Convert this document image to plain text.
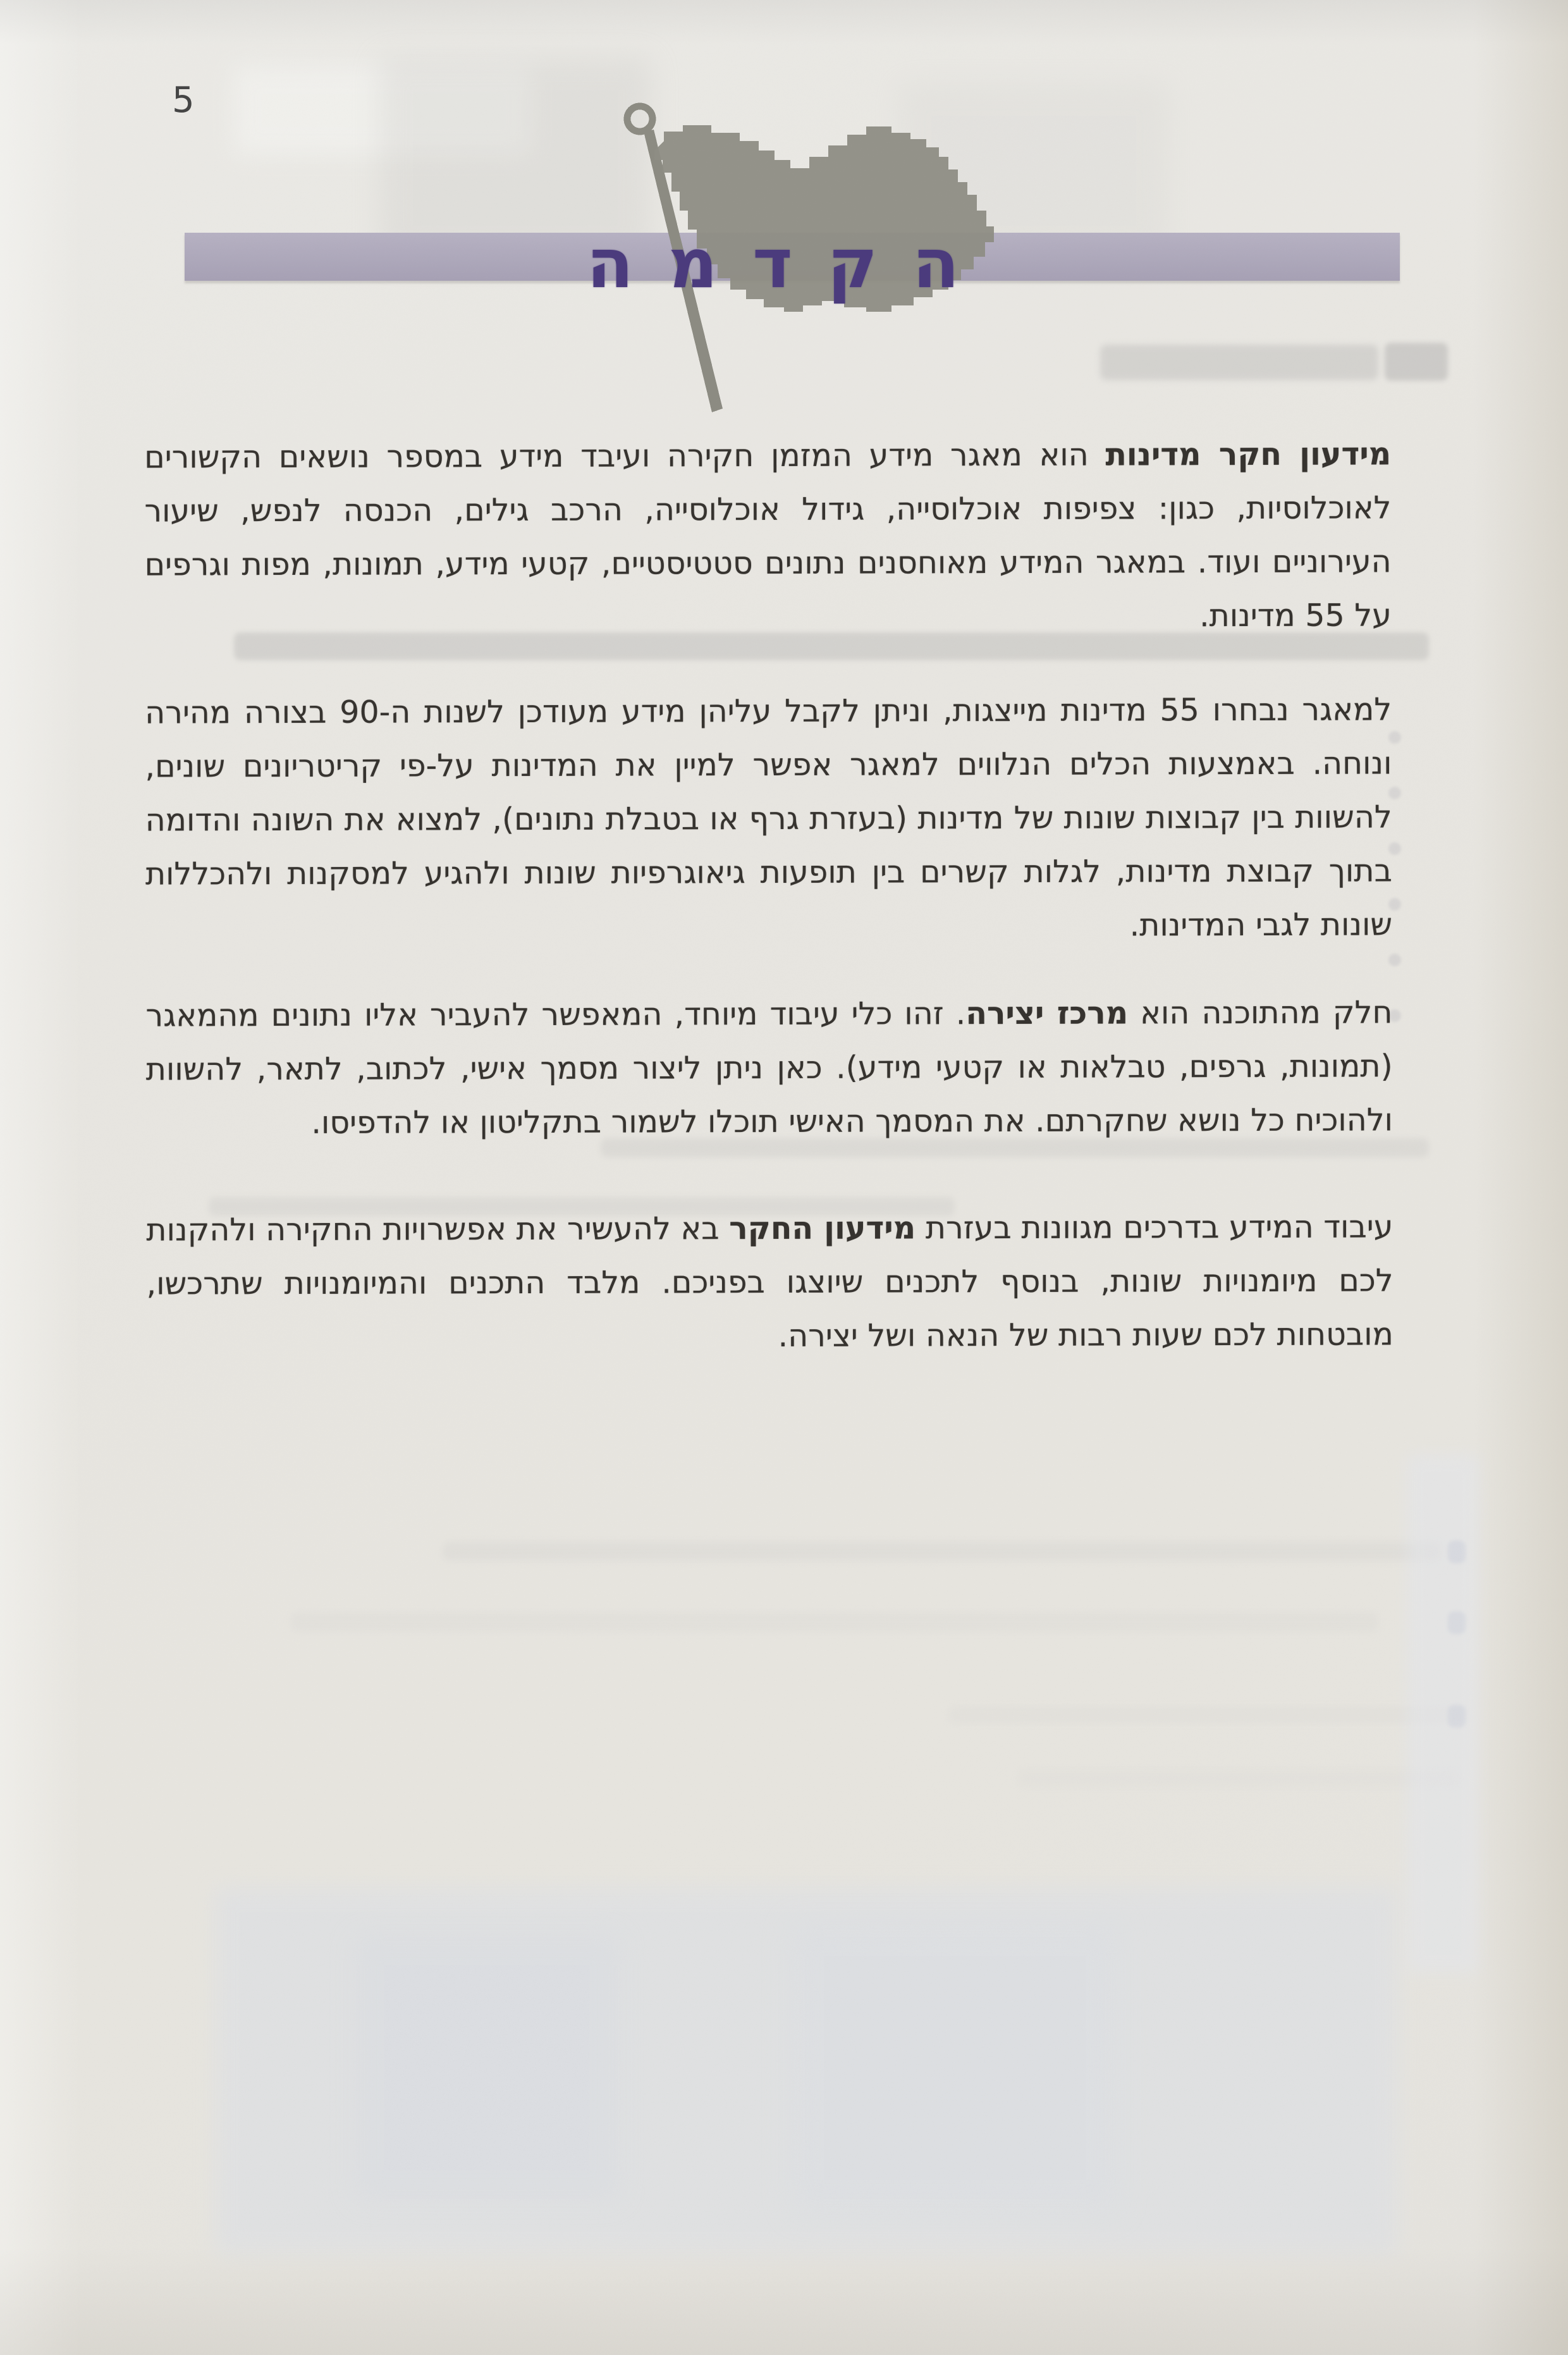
5
הקדמה

מידעון חקר מדינות הוא מאגר מידע המזמן חקירה ועיבד מידע במספר נושאים הקשורים לאוכלוסיות, כגון: צפיפות אוכלוסייה, גידול אוכלוסייה, הרכב גילים, הכנסה לנפש, שיעור העירוניים ועוד. במאגר המידע מאוחסנים נתונים סטטיסטיים, קטעי מידע, תמונות, מפות וגרפים על 55 מדינות.

למאגר נבחרו 55 מדינות מייצגות, וניתן לקבל עליהן מידע מעודכן לשנות ה-90 בצורה מהירה ונוחה. באמצעות הכלים הנלווים למאגר אפשר למיין את המדינות על-פי קריטריונים שונים, להשוות בין קבוצות שונות של מדינות (בעזרת גרף או בטבלת נתונים), למצוא את השונה והדומה בתוך קבוצת מדינות, לגלות קשרים בין תופעות גיאוגרפיות שונות ולהגיע למסקנות ולהכללות שונות לגבי המדינות.

חלק מהתוכנה הוא מרכז יצירה. זהו כלי עיבוד מיוחד, המאפשר להעביר אליו נתונים מהמאגר (תמונות, גרפים, טבלאות או קטעי מידע). כאן ניתן ליצור מסמך אישי, לכתוב, לתאר, להשוות ולהוכיח כל נושא שחקרתם. את המסמך האישי תוכלו לשמור בתקליטון או להדפיסו.

עיבוד המידע בדרכים מגוונות בעזרת מידעון החקר בא להעשיר את אפשרויות החקירה ולהקנות לכם מיומנויות שונות, בנוסף לתכנים שיוצגו בפניכם. מלבד התכנים והמיומנויות שתרכשו, מובטחות לכם שעות רבות של הנאה ושל יצירה.
